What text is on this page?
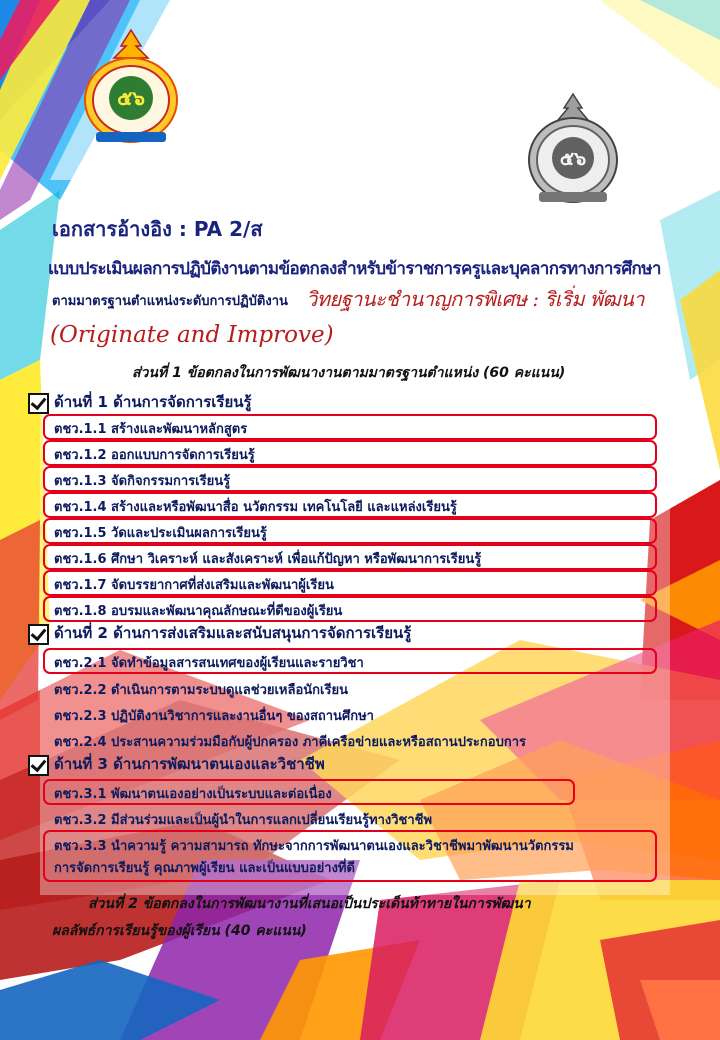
๕๖
๕๖
เอกสารอ้างอิง : PA 2/ส
แบบประเมินผลการปฏิบัติงานตามข้อตกลงสำหรับข้าราชการครูและบุคลากรทางการศึกษา
ตามมาตรฐานตำแหน่งระดับการปฏิบัติงาน วิทยฐานะชำนาญการพิเศษ : ริเริ่ม พัฒนา
(Originate and Improve)
ส่วนที่ 1 ข้อตกลงในการพัฒนางานตามมาตรฐานตำแหน่ง (60 คะแนน)
ด้านที่ 1 ด้านการจัดการเรียนรู้
ตชว.1.1 สร้างและพัฒนาหลักสูตร
ตชว.1.2 ออกแบบการจัดการเรียนรู้
ตชว.1.3 จัดกิจกรรมการเรียนรู้
ตชว.1.4 สร้างและหรือพัฒนาสื่อ นวัตกรรม เทคโนโลยี และแหล่งเรียนรู้
ตชว.1.5 วัดและประเมินผลการเรียนรู้
ตชว.1.6 ศึกษา วิเคราะห์ และสังเคราะห์ เพื่อแก้ปัญหา หรือพัฒนาการเรียนรู้
ตชว.1.7 จัดบรรยากาศที่ส่งเสริมและพัฒนาผู้เรียน
ตชว.1.8 อบรมและพัฒนาคุณลักษณะที่ดีของผู้เรียน
ด้านที่ 2 ด้านการส่งเสริมและสนับสนุนการจัดการเรียนรู้
ตชว.2.1 จัดทำข้อมูลสารสนเทศของผู้เรียนและรายวิชา
ตชว.2.2 ดำเนินการตามระบบดูแลช่วยเหลือนักเรียน
ตชว.2.3 ปฏิบัติงานวิชาการและงานอื่นๆ ของสถานศึกษา
ตชว.2.4 ประสานความร่วมมือกับผู้ปกครอง ภาคีเครือข่ายและหรือสถานประกอบการ
ด้านที่ 3 ด้านการพัฒนาตนเองและวิชาชีพ
ตชว.3.1 พัฒนาตนเองอย่างเป็นระบบและต่อเนื่อง
ตชว.3.2 มีส่วนร่วมและเป็นผู้นำในการแลกเปลี่ยนเรียนรู้ทางวิชาชีพ
ตชว.3.3 นำความรู้ ความสามารถ ทักษะจากการพัฒนาตนเองและวิชาชีพมาพัฒนานวัตกรรม
การจัดการเรียนรู้ คุณภาพผู้เรียน และเป็นแบบอย่างที่ดี
ส่วนที่ 2 ข้อตกลงในการพัฒนางานที่เสนอเป็นประเด็นท้าทายในการพัฒนา
ผลลัพธ์การเรียนรู้ของผู้เรียน (40 คะแนน)
